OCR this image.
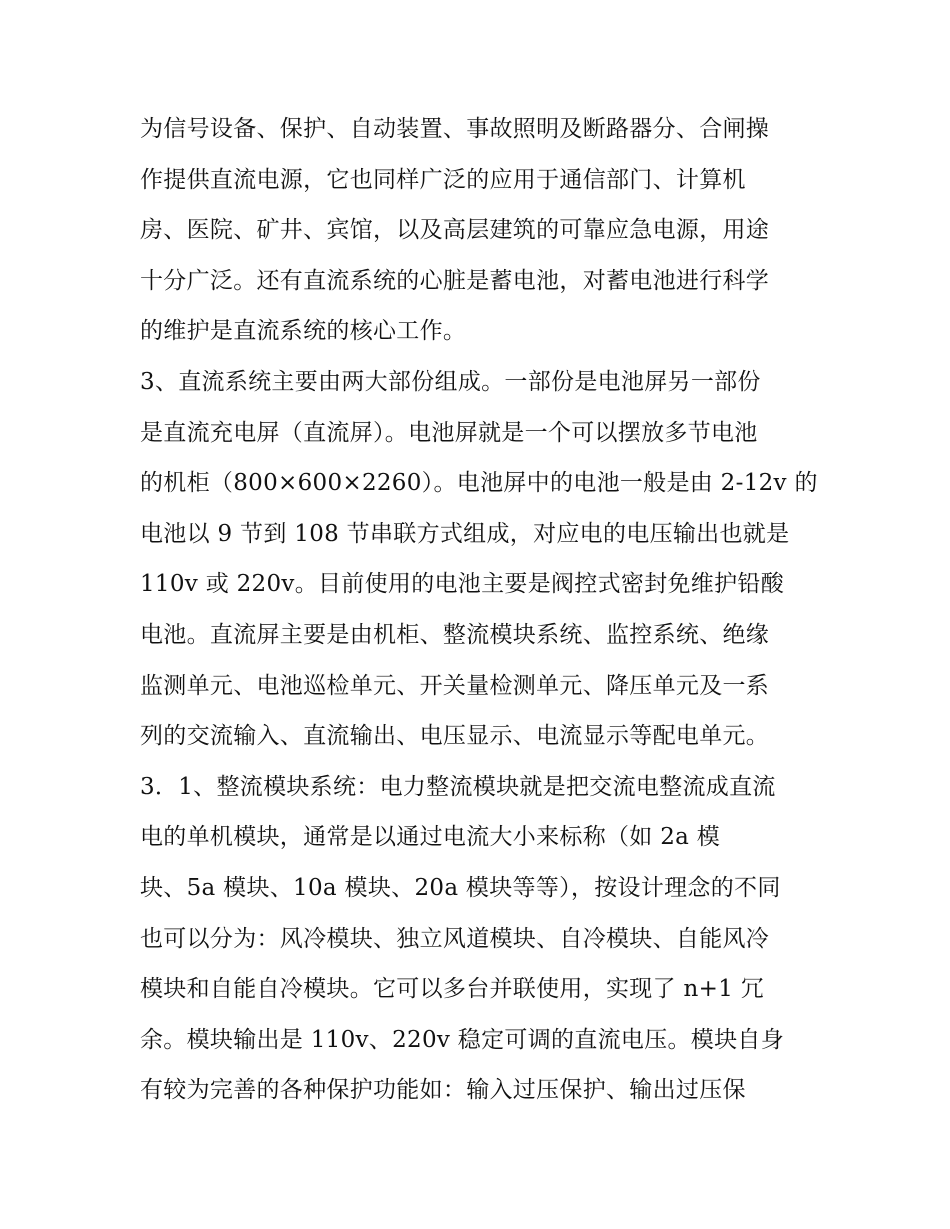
为信号设备、保护、自动装置、事故照明及断路器分、合闸操
作提供直流电源，它也同样广泛的应用于通信部门、计算机
房、医院、矿井、宾馆，以及高层建筑的可靠应急电源，用途
十分广泛。还有直流系统的心脏是蓄电池，对蓄电池进行科学
的维护是直流系统的核心工作。
3、直流系统主要由两大部份组成。一部份是电池屏另一部份
是直流充电屏（直流屏）。电池屏就是一个可以摆放多节电池
的机柜（800×600×2260）。电池屏中的电池一般是由 2-12v 的
电池以 9 节到 108 节串联方式组成，对应电的电压输出也就是
110v 或 220v。目前使用的电池主要是阀控式密封免维护铅酸
电池。直流屏主要是由机柜、整流模块系统、监控系统、绝缘
监测单元、电池巡检单元、开关量检测单元、降压单元及一系
列的交流输入、直流输出、电压显示、电流显示等配电单元。
3．1、整流模块系统：电力整流模块就是把交流电整流成直流
电的单机模块，通常是以通过电流大小来标称（如 2a 模
块、5a 模块、10a 模块、20a 模块等等），按设计理念的不同
也可以分为：风冷模块、独立风道模块、自冷模块、自能风冷
模块和自能自冷模块。它可以多台并联使用，实现了 n+1 冗
余。模块输出是 110v、220v 稳定可调的直流电压。模块自身
有较为完善的各种保护功能如：输入过压保护、输出过压保
